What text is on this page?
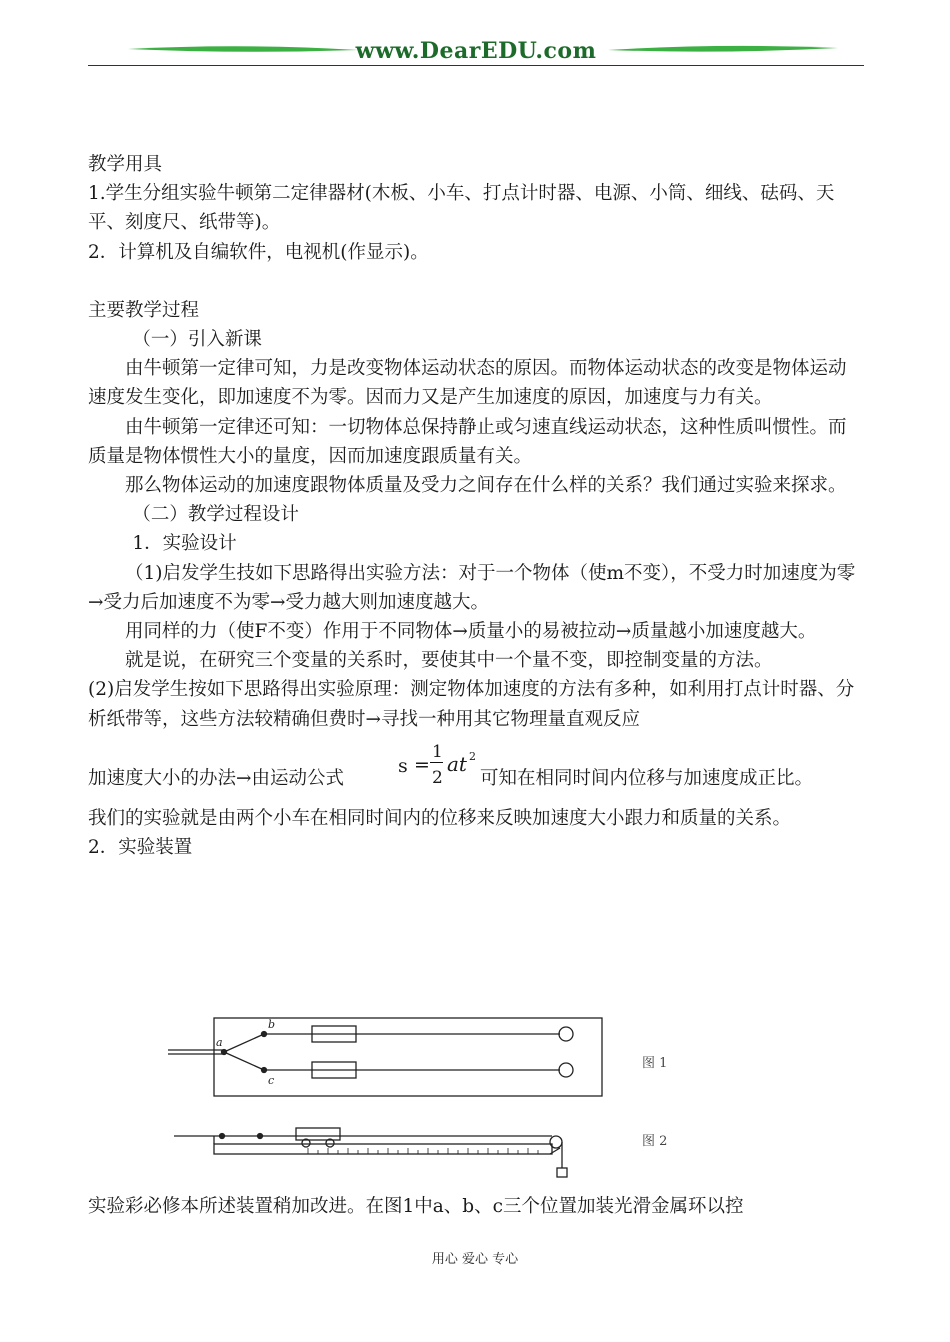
www.DearEDU.com

教学用具

1.学生分组实验牛顿第二定律器材(木板、小车、打点计时器、电源、小筒、细线、砝码、天平、刻度尺、纸带等)。

2．计算机及自编软件，电视机(作显示)。

主要教学过程

（一）引入新课

由牛顿第一定律可知，力是改变物体运动状态的原因。而物体运动状态的改变是物体运动速度发生变化，即加速度不为零。因而力又是产生加速度的原因，加速度与力有关。

由牛顿第一定律还可知：一切物体总保持静止或匀速直线运动状态，这种性质叫惯性。而质量是物体惯性大小的量度，因而加速度跟质量有关。

那么物体运动的加速度跟物体质量及受力之间存在什么样的关系？我们通过实验来探求。

（二）教学过程设计

1．实验设计

（1)启发学生技如下思路得出实验方法：对于一个物体（使m不变），不受力时加速度为零→受力后加速度不为零→受力越大则加速度越大。

用同样的力（使F不变）作用于不同物体→质量小的易被拉动→质量越小加速度越大。

就是说，在研究三个变量的关系时，要使其中一个量不变，即控制变量的方法。

(2)启发学生按如下思路得出实验原理：测定物体加速度的方法有多种，如利用打点计时器、分析纸带等，这些方法较精确但费时→寻找一种用其它物理量直观反应

加速度大小的办法→由运动公式
s =
1
2
at 2
可知在相同时间内位移与加速度成正比。

我们的实验就是由两个小车在相同时间内的位移来反映加速度大小跟力和质量的关系。

2．实验装置

a
b
c
图 1
图 2
实验彩必修本所述装置稍加改进。在图1中a、b、c三个位置加装光滑金属环以控
用心 爱心 专心
